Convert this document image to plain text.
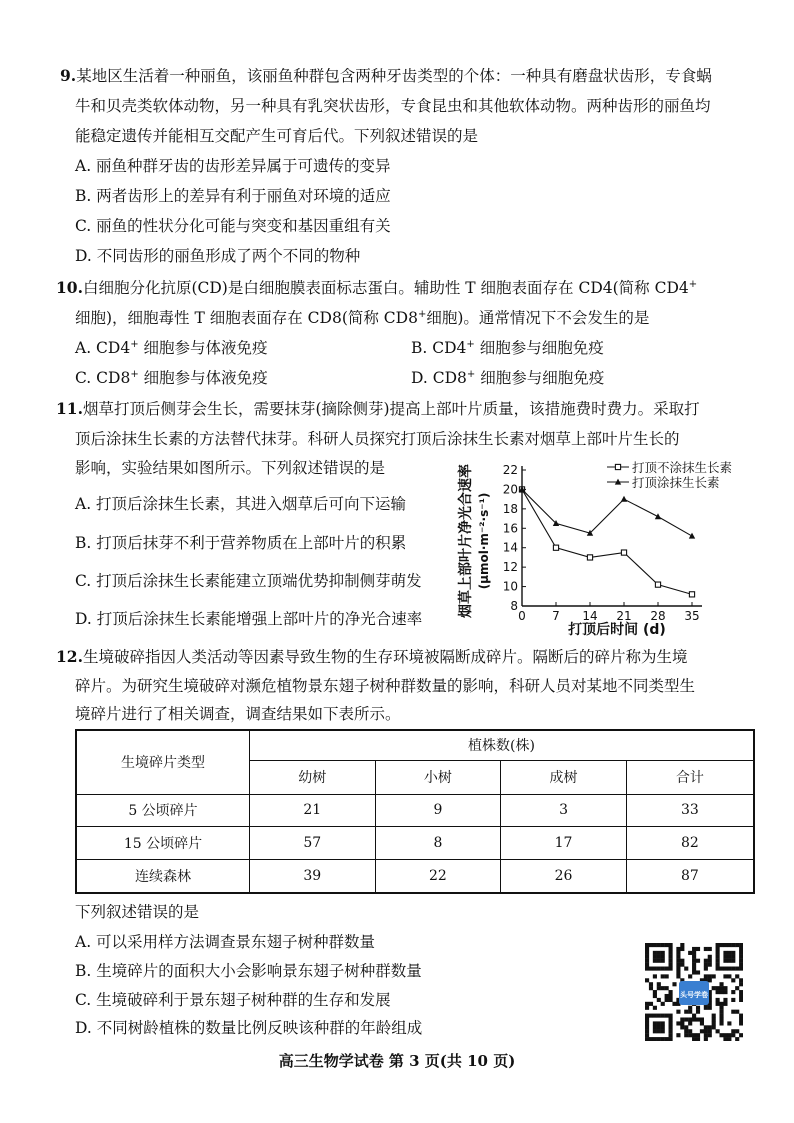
9.某地区生活着一种丽鱼，该丽鱼种群包含两种牙齿类型的个体：一种具有磨盘状齿形，专食蜗
牛和贝壳类软体动物，另一种具有乳突状齿形，专食昆虫和其他软体动物。两种齿形的丽鱼均
能稳定遗传并能相互交配产生可育后代。下列叙述错误的是
A. 丽鱼种群牙齿的齿形差异属于可遗传的变异
B. 两者齿形上的差异有利于丽鱼对环境的适应
C. 丽鱼的性状分化可能与突变和基因重组有关
D. 不同齿形的丽鱼形成了两个不同的物种
10.白细胞分化抗原(CD)是白细胞膜表面标志蛋白。辅助性 T 细胞表面存在 CD4(简称 CD4+
细胞)，细胞毒性 T 细胞表面存在 CD8(简称 CD8+细胞)。通常情况下不会发生的是
A. CD4+ 细胞参与体液免疫	B. CD4+ 细胞参与细胞免疫
C. CD8+ 细胞参与体液免疫	D. CD8+ 细胞参与细胞免疫
11.烟草打顶后侧芽会生长，需要抹芽(摘除侧芽)提高上部叶片质量，该措施费时费力。采取打
顶后涂抹生长素的方法替代抹芽。科研人员探究打顶后涂抹生长素对烟草上部叶片生长的
影响，实验结果如图所示。下列叙述错误的是
A. 打顶后涂抹生长素，其进入烟草后可向下运输
B. 打顶后抹芽不利于营养物质在上部叶片的积累
C. 打顶后涂抹生长素能建立顶端优势抑制侧芽萌发
D. 打顶后涂抹生长素能增强上部叶片的净光合速率
烟草上部叶片净光合速率 (μmol·m⁻²·s⁻¹)
打顶后时间 (d)
8
10
12
14
16
18
20
22
0 7 14 21 28 35
打顶不涂抹生长素
打顶涂抹生长素
12.生境破碎指因人类活动等因素导致生物的生存环境被隔断成碎片。隔断后的碎片称为生境
碎片。为研究生境破碎对濒危植物景东翅子树种群数量的影响，科研人员对某地不同类型生
境碎片进行了相关调查，调查结果如下表所示。
生境碎片类型	植株数(株)			
	幼树	小树	成树	合计
5 公顷碎片	21	9	3	33
15 公顷碎片	57	8	17	82
连续森林	39	22	26	87
下列叙述错误的是
A. 可以采用样方法调查景东翅子树种群数量
B. 生境碎片的面积大小会影响景东翅子树种群数量
C. 生境破碎利于景东翅子树种群的生存和发展
D. 不同树龄植株的数量比例反映该种群的年龄组成
头号学卷
高三生物学试卷 第 3 页(共 10 页)
